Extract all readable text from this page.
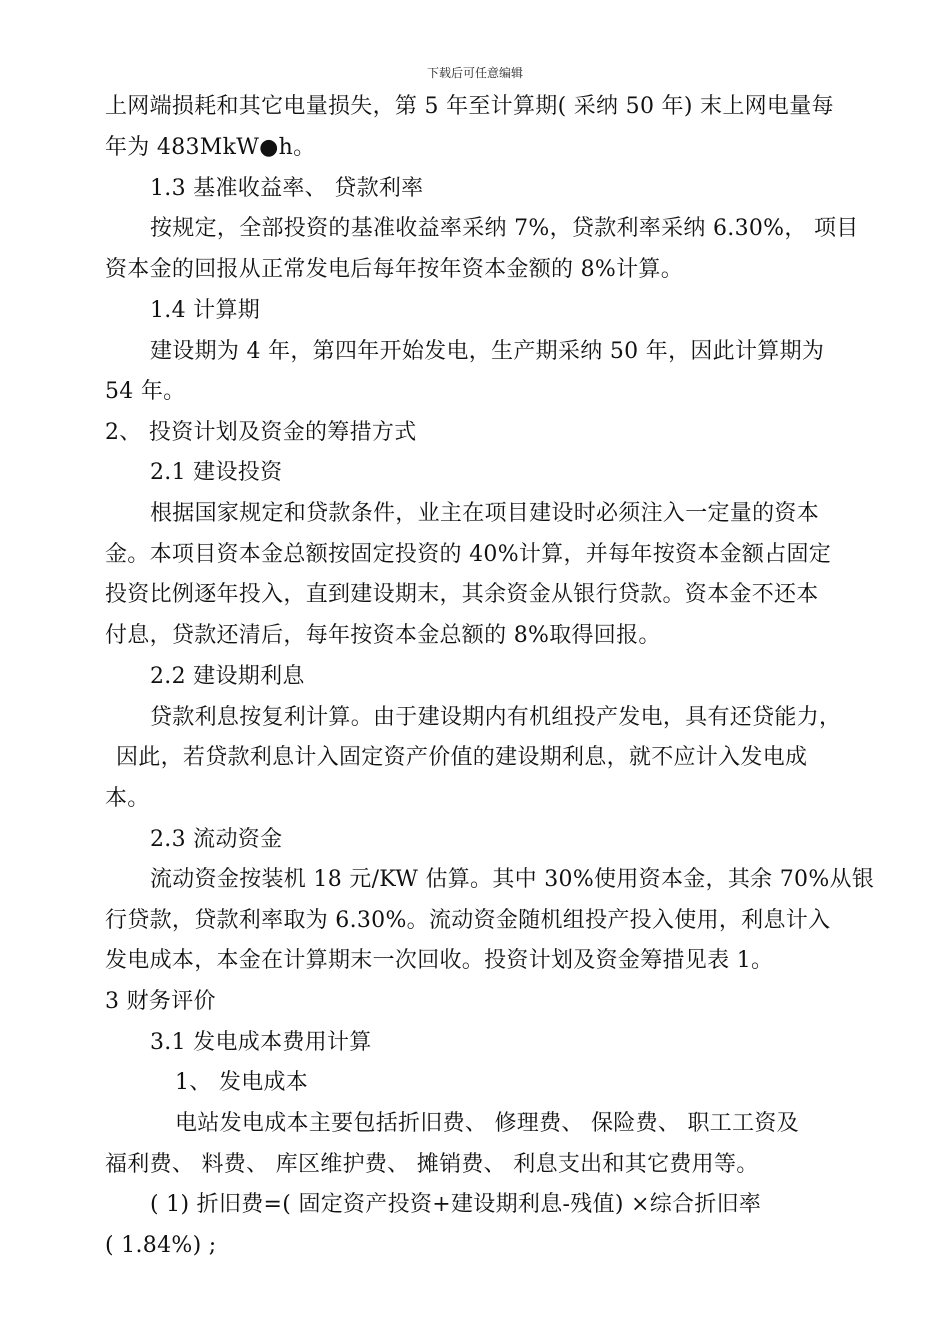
下载后可任意编辑
上网端损耗和其它电量损失，第 5 年至计算期( 采纳 50 年) 末上网电量每
年为 483MkW●h。
1.3 基准收益率、 贷款利率
按规定，全部投资的基准收益率采纳 7%，贷款利率采纳 6.30%， 项目
资本金的回报从正常发电后每年按年资本金额的 8%计算。
1.4 计算期
建设期为 4 年，第四年开始发电，生产期采纳 50 年，因此计算期为
54 年。
2、 投资计划及资金的筹措方式
2.1 建设投资
根据国家规定和贷款条件，业主在项目建设时必须注入一定量的资本
金。本项目资本金总额按固定投资的 40%计算，并每年按资本金额占固定
投资比例逐年投入，直到建设期末，其余资金从银行贷款。资本金不还本
付息，贷款还清后，每年按资本金总额的 8%取得回报。
2.2 建设期利息
贷款利息按复利计算。由于建设期内有机组投产发电，具有还贷能力，
因此，若贷款利息计入固定资产价值的建设期利息，就不应计入发电成
本。
2.3 流动资金
流动资金按装机 18 元/KW 估算。其中 30%使用资本金，其余 70%从银
行贷款，贷款利率取为 6.30%。流动资金随机组投产投入使用，利息计入
发电成本，本金在计算期末一次回收。投资计划及资金筹措见表 1。
3 财务评价
3.1 发电成本费用计算
1、 发电成本
电站发电成本主要包括折旧费、 修理费、 保险费、 职工工资及
福利费、 料费、 库区维护费、 摊销费、 利息支出和其它费用等。
( 1) 折旧费=( 固定资产投资+建设期利息-残值) ×综合折旧率
( 1.84%) ;
